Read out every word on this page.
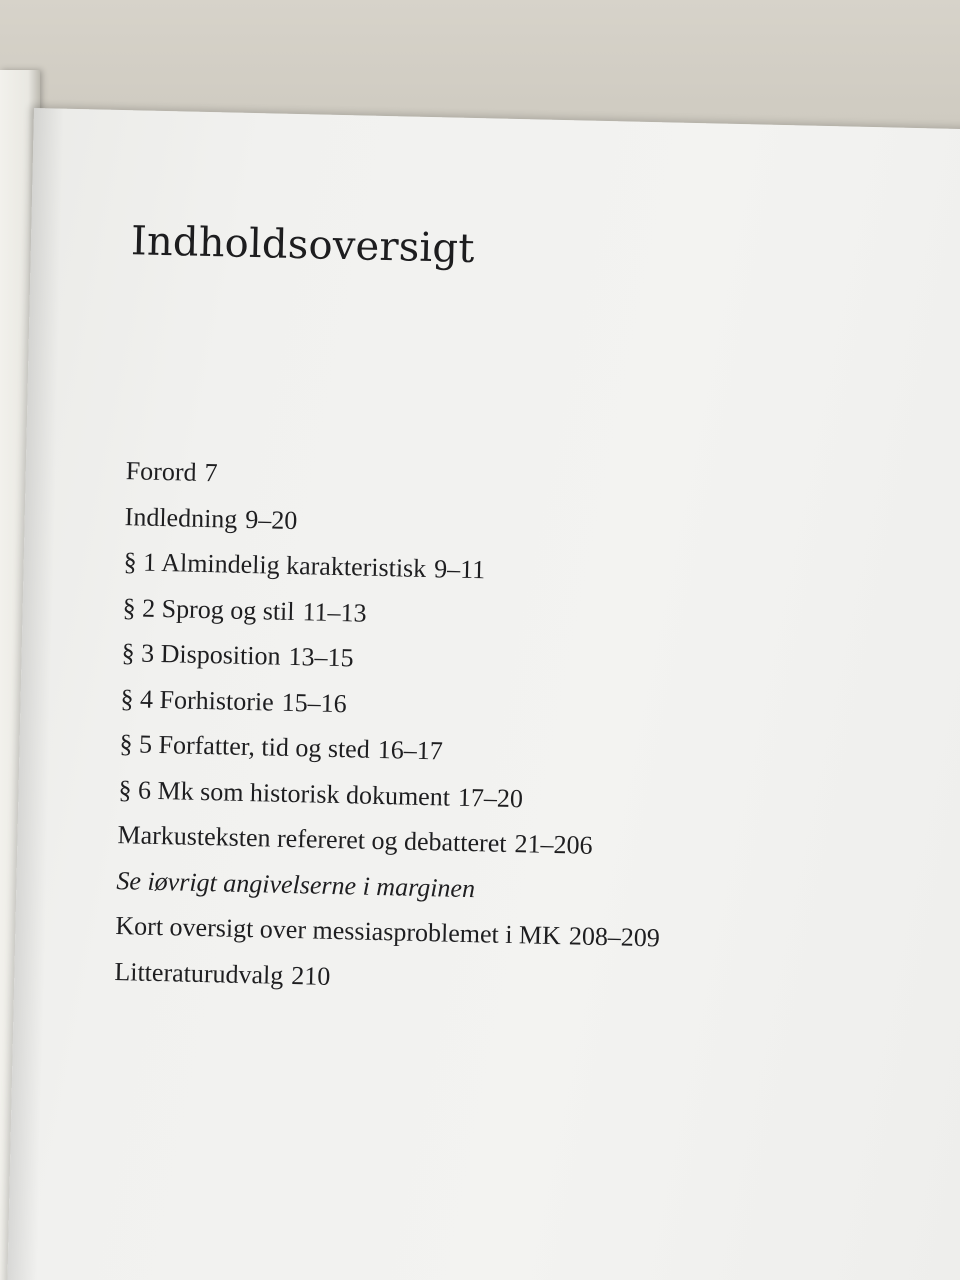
Indholdsoversigt
Forord 7
Indledning 9–20
§ 1 Almindelig karakteristisk 9–11
§ 2 Sprog og stil 11–13
§ 3 Disposition 13–15
§ 4 Forhistorie 15–16
§ 5 Forfatter, tid og sted 16–17
§ 6 Mk som historisk dokument 17–20
Markusteksten refereret og debatteret 21–206
Se iøvrigt angivelserne i marginen
Kort oversigt over messiasproblemet i MK 208–209
Litteraturudvalg 210
